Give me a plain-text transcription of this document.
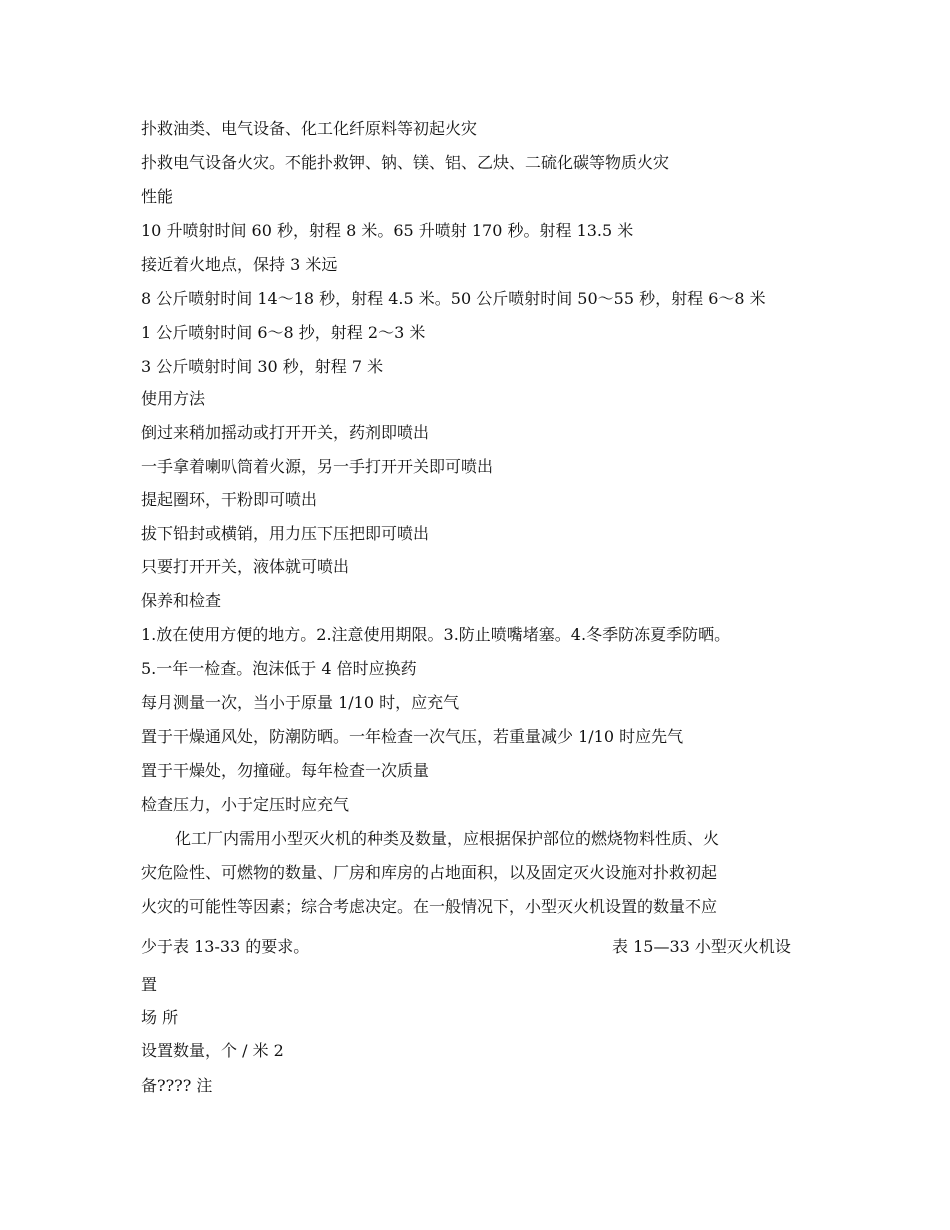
扑救油类、电气设备、化工化纤原料等初起火灾
扑救电气设备火灾。不能扑救钾、钠、镁、铝、乙炔、二硫化碳等物质火灾
性能
10 升喷射时间 60 秒，射程 8 米。65 升喷射 170 秒。射程 13.5 米
接近着火地点，保持 3 米远
8 公斤喷射时间 14～18 秒，射程 4.5 米。50 公斤喷射时间 50～55 秒，射程 6～8 米
1 公斤喷射时间 6～8 抄，射程 2～3 米
3 公斤喷射时间 30 秒，射程 7 米
使用方法
倒过来稍加摇动或打开开关，药剂即喷出
一手拿着喇叭筒着火源，另一手打开开关即可喷出
提起圈环，干粉即可喷出
拔下铅封或横销，用力压下压把即可喷出
只要打开开关，液体就可喷出
保养和检查
1.放在使用方便的地方。2.注意使用期限。3.防止喷嘴堵塞。4.冬季防冻夏季防晒。
5.一年一检查。泡沫低于 4 倍时应换药
每月测量一次，当小于原量 1/10 时，应充气
置于干燥通风处，防潮防晒。一年检查一次气压，若重量减少 1/10 时应先气
置于干燥处，勿撞碰。每年检查一次质量
检查压力，小于定压时应充气
化工厂内需用小型灭火机的种类及数量，应根据保护部位的燃烧物料性质、火
灾危险性、可燃物的数量、厂房和库房的占地面积，以及固定灭火设施对扑救初起
火灾的可能性等因素；综合考虑决定。在一般情况下，小型灭火机设置的数量不应
少于表 13-33 的要求。	表 15—33 小型灭火机设
置
场 所
设置数量，个 / 米 2
备???? 注
